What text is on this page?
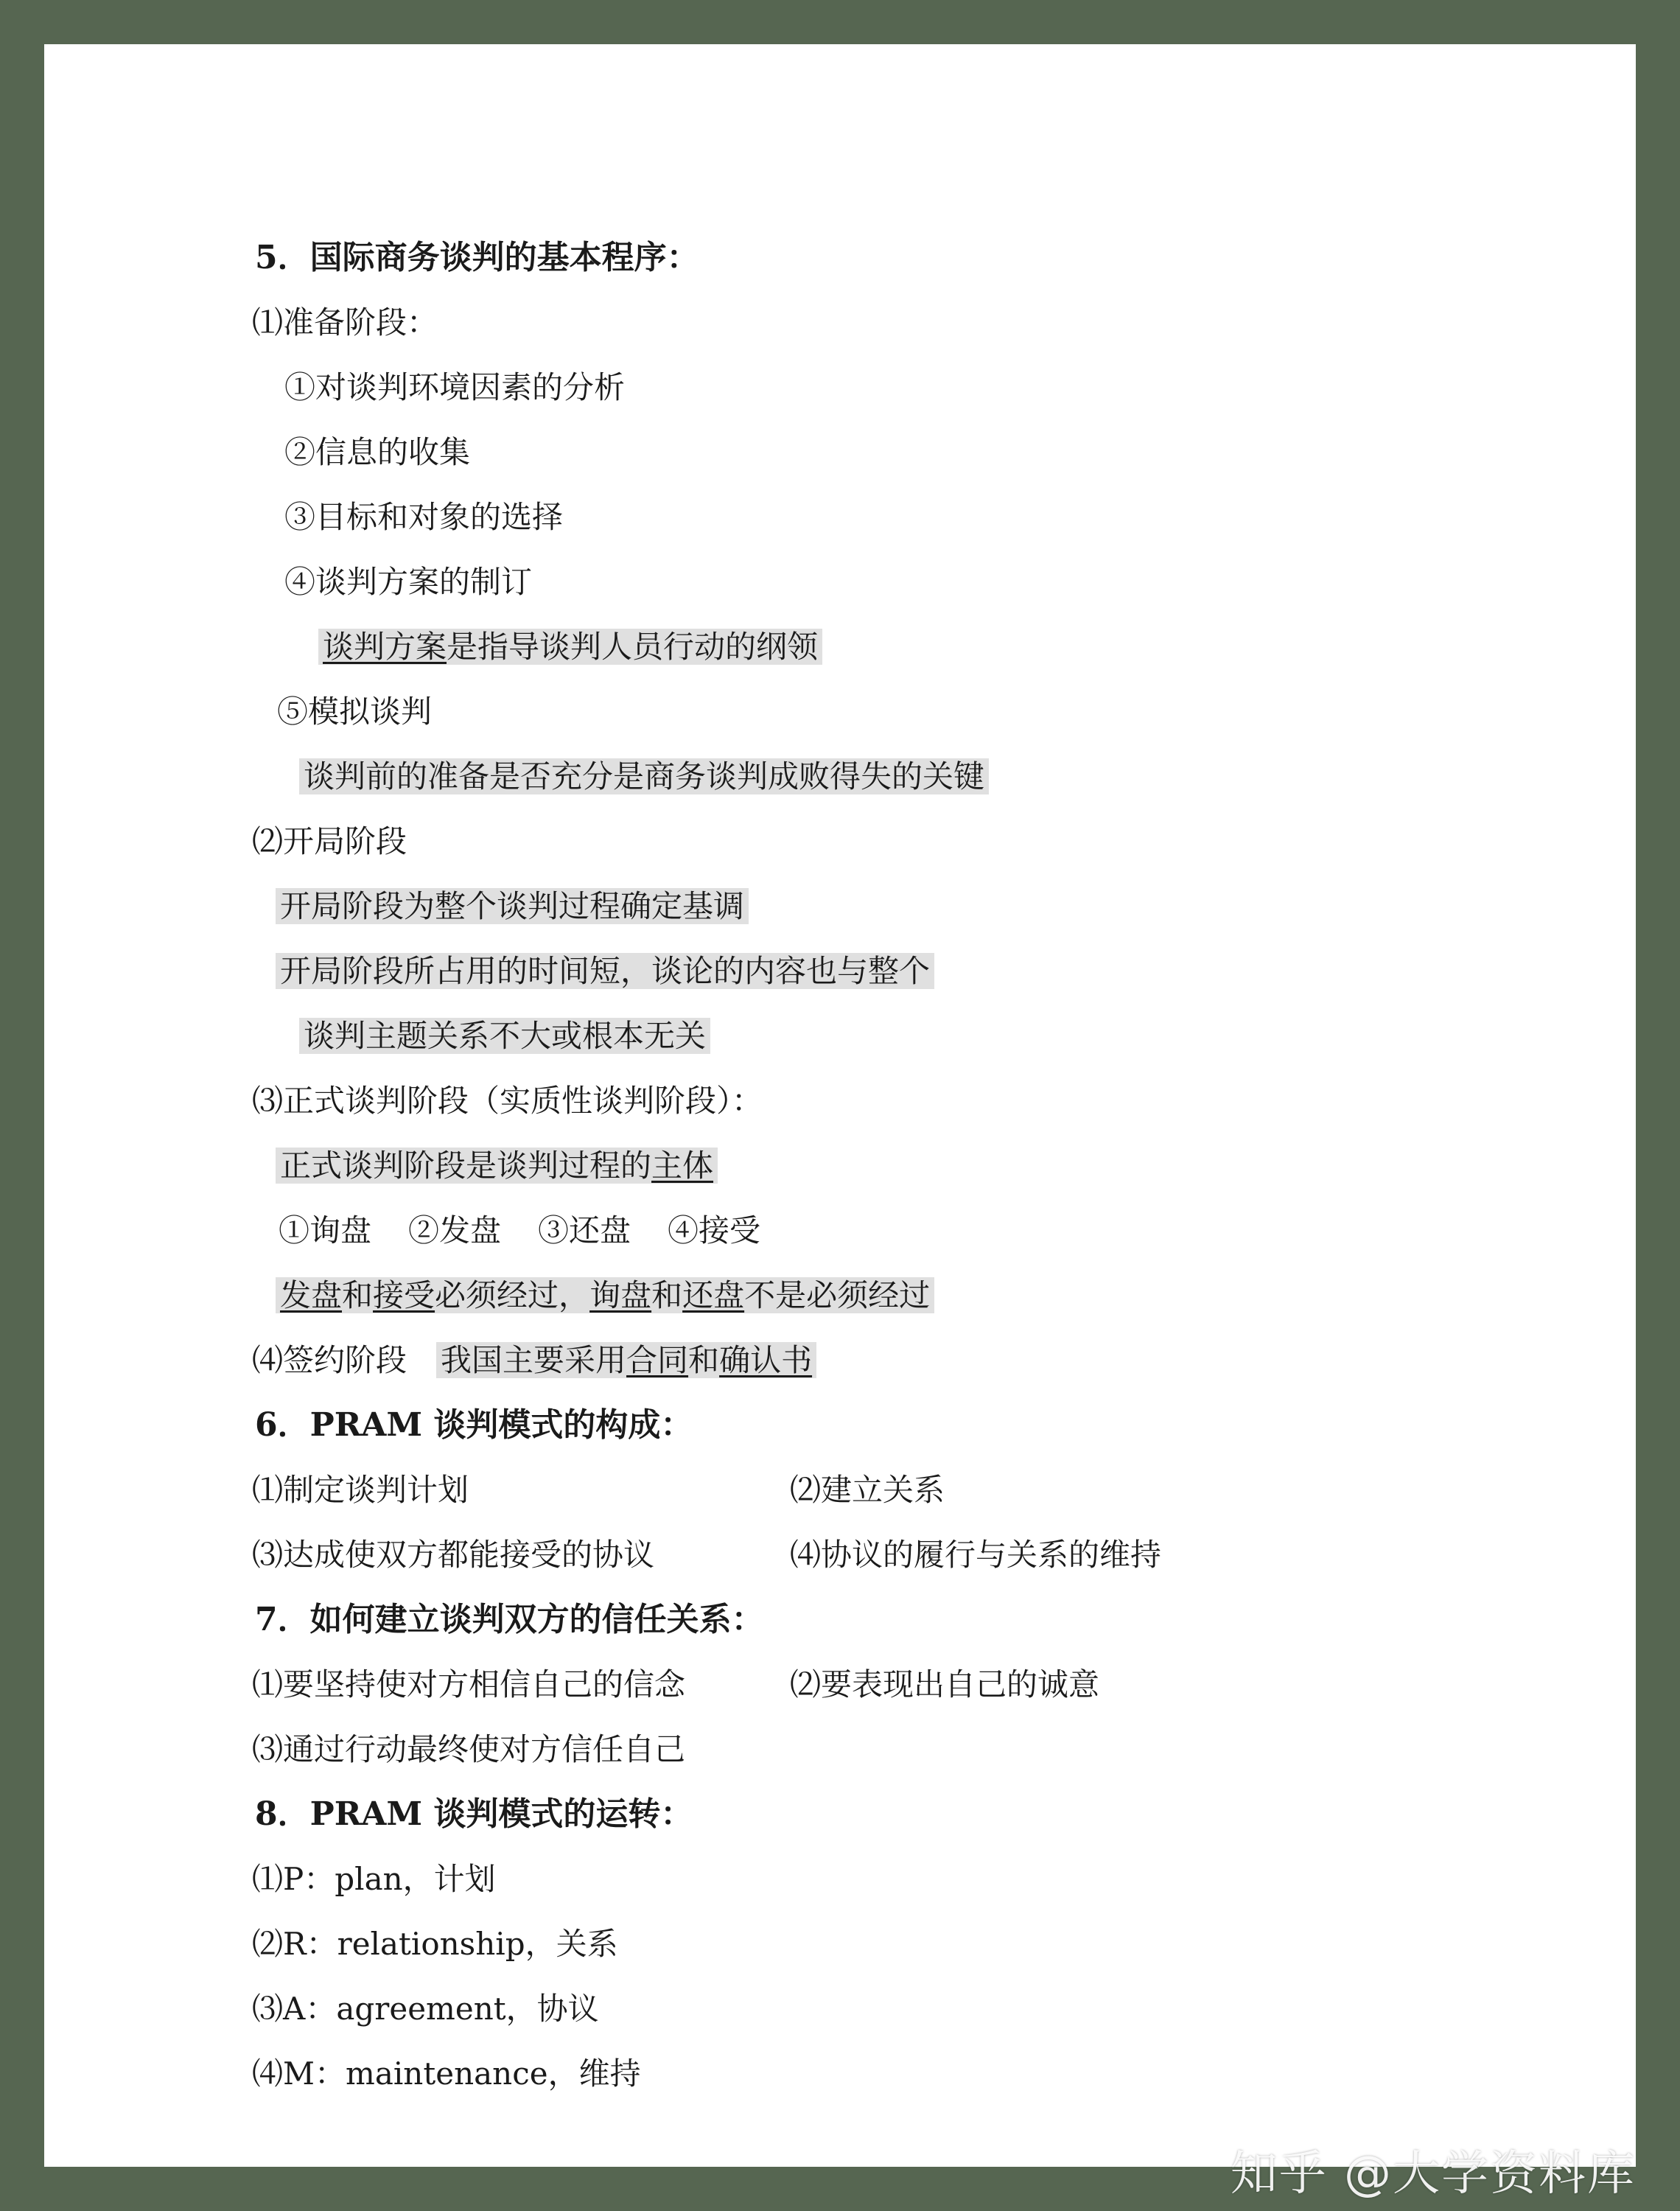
5．国际商务谈判的基本程序：
⑴准备阶段：
①对谈判环境因素的分析
②信息的收集
③目标和对象的选择
④谈判方案的制订
谈判方案是指导谈判人员行动的纲领
⑤模拟谈判
谈判前的准备是否充分是商务谈判成败得失的关键
⑵开局阶段
开局阶段为整个谈判过程确定基调
开局阶段所占用的时间短，谈论的内容也与整个
谈判主题关系不大或根本无关
⑶正式谈判阶段（实质性谈判阶段）：
正式谈判阶段是谈判过程的主体
①询盘 ②发盘 ③还盘 ④接受
发盘和接受必须经过，询盘和还盘不是必须经过
⑷签约阶段 我国主要采用合同和确认书
6．PRAM 谈判模式的构成：
⑴制定谈判计划	⑵建立关系
⑶达成使双方都能接受的协议	⑷协议的履行与关系的维持
7．如何建立谈判双方的信任关系：
⑴要坚持使对方相信自己的信念	⑵要表现出自己的诚意
⑶通过行动最终使对方信任自己
8．PRAM 谈判模式的运转：
⑴P：plan，计划
⑵R：relationship，关系
⑶A：agreement，协议
⑷M：maintenance，维持
知乎 @大学资料库
